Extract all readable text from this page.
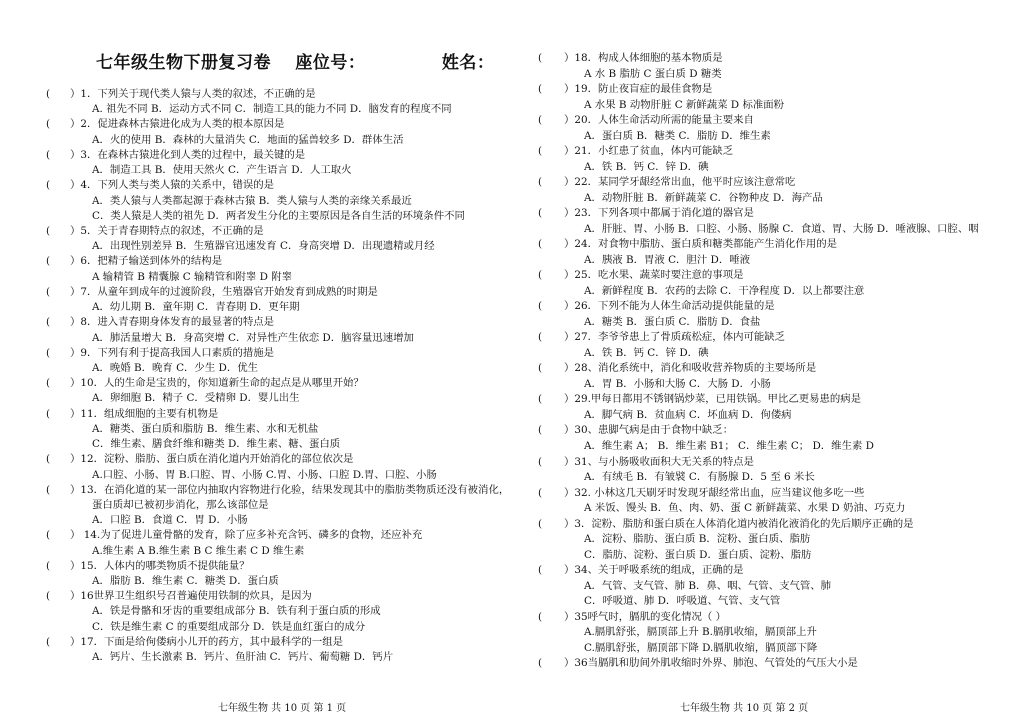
七年级生物下册复习卷 座位号：	姓名：
( ）1．下列关于现代类人猿与人类的叙述，不正确的是
A. 祖先不同 B．运动方式不同 C．制造工具的能力不同 D．脑发育的程度不同
( ）2．促进森林古猿进化成为人类的根本原因是
A．火的使用 B．森林的大量消失 C．地面的猛兽较多 D．群体生活
( ）3．在森林古猿进化到人类的过程中，最关键的是
A．制造工具 B．使用天然火 C．产生语言 D．人工取火
( ）4．下列人类与类人猿的关系中，错误的是
A．类人猿与人类都起源于森林古猿 B．类人猿与人类的亲缘关系最近
C．类人猿是人类的祖先 D．两者发生分化的主要原因是各自生活的环境条件不同
( ）5．关于青春期特点的叙述，不正确的是
A．出现性别差异 B．生殖器官迅速发育 C．身高突增 D．出现遗精或月经
( ）6．把精子输送到体外的结构是
A 输精管 B 精囊腺 C 输精管和附睾 D 附睾
( ）7．从童年到成年的过渡阶段，生殖器官开始发育到成熟的时期是
A．幼儿期 B．童年期 C．青春期 D．更年期
( ）8．进入青春期身体发育的最显著的特点是
A．肺活量增大 B．身高突增 C．对异性产生依恋 D．脑容量迅速增加
( ）9．下列有利于提高我国人口素质的措施是
A．晚婚 B．晚育 C．少生 D．优生
( ）10．人的生命是宝贵的，你知道新生命的起点是从哪里开始？
A．卵细胞 B．精子 C．受精卵 D．婴儿出生
( ）11．组成细胞的主要有机物是
A．糖类、蛋白质和脂肪 B．维生素、水和无机盐
C．维生素、膳食纤维和糖类 D．维生素、糖、蛋白质
( ）12．淀粉、脂肪、蛋白质在消化道内开始消化的部位依次是
A.口腔、小肠、胃 B.口腔、胃、小肠 C.胃、小肠、口腔 D.胃、口腔、小肠
( ）13．在消化道的某一部位内抽取内容物进行化验，结果发现其中的脂肪类物质还没有被消化，
蛋白质却已被初步消化，那么该部位是
A．口腔 B．食道 C．胃 D．小肠
( ） 14.为了促进儿童骨骼的发育，除了应多补充含钙、磷多的食物，还应补充
A.维生素 A B.维生素 B C 维生素 C D 维生素
( ）15．人体内的哪类物质不提供能量？
A．脂肪 B．维生素 C．糖类 D．蛋白质
( ）16世界卫生组织号召普遍使用铁制的炊具，是因为
A．铁是骨骼和牙齿的重要组成部分 B．铁有利于蛋白质的形成
C．铁是维生素 C 的重要组成部分 D．铁是血红蛋白的成分
( ）17．下面是给佝偻病小儿开的药方，其中最科学的一组是
A．钙片、生长激素 B．钙片、鱼肝油 C．钙片、葡萄糖 D．钙片
七年级生物 共 10 页 第 1 页
( ）18．构成人体细胞的基本物质是
A 水 B 脂肪 C 蛋白质 D 糖类
( ）19．防止夜盲症的最佳食物是
A 水果 B 动物肝脏 C 新鲜蔬菜 D 标准面粉
( ）20．人体生命活动所需的能量主要来自
A．蛋白质 B．糖类 C．脂肪 D．维生素
( ）21．小红患了贫血，体内可能缺乏
A．铁 B．钙 C．锌 D．碘
( ）22．某同学牙龈经常出血，他平时应该注意常吃
A．动物肝脏 B．新鲜蔬菜 C．谷物种皮 D．海产品
( ）23．下列各项中都属于消化道的器官是
A．肝脏、胃、小肠 B．口腔、小肠、肠腺 C．食道、胃、大肠 D．唾液腺、口腔、咽
( ）24．对食物中脂肪、蛋白质和糖类都能产生消化作用的是
A．胰液 B．胃液 C．胆汁 D．唾液
( ）25．吃水果、蔬菜时要注意的事项是
A．新鲜程度 B．农药的去除 C．干净程度 D．以上都要注意
( ）26．下列不能为人体生命活动提供能量的是
A．糖类 B．蛋白质 C．脂肪 D．食盐
( ）27．李爷爷患上了骨质疏松症，体内可能缺乏
A．铁 B．钙 C．锌 D．碘
( ）28、消化系统中，消化和吸收营养物质的主要场所是
A．胃 B．小肠和大肠 C．大肠 D．小肠
( ）29.甲每日都用不锈钢锅炒菜，已用铁锅。甲比乙更易患的病是
A．脚气病 B．贫血病 C．坏血病 D．佝偻病
( ）30、患脚气病是由于食物中缺乏：
A．维生素 A； B．维生素 B1； C．维生素 C； D．维生素 D
( ）31、与小肠吸收面积大无关系的特点是
A．有绒毛 B．有皱襞 C．有肠腺 D．5 至 6 米长
( ）32. 小林这几天刷牙时发现牙龈经常出血，应当建议他多吃一些
A 米饭、馒头 B．鱼、肉、奶、蛋 C 新鲜蔬菜、水果 D 奶油、巧克力
( ）3．淀粉、脂肪和蛋白质在人体消化道内被消化液消化的先后顺序正确的是
A．淀粉、脂肪、蛋白质 B．淀粉、蛋白质、脂肪
C．脂肪、淀粉、蛋白质 D．蛋白质、淀粉、脂肪
( ）34、关于呼吸系统的组成，正确的是
A．气管、支气管、肺 B．鼻、咽、气管、支气管、肺
C．呼吸道、肺 D．呼吸道、气管、支气管
( ）35呼气时，膈肌的变化情况（ ）
A.膈肌舒张，膈顶部上升 B.膈肌收缩，膈顶部上升
C.膈肌舒张，膈顶部下降 D.膈肌收缩，膈顶部下降
( ）36当膈肌和肋间外肌收缩时外界、肺泡、气管处的气压大小是
七年级生物 共 10 页 第 2 页
